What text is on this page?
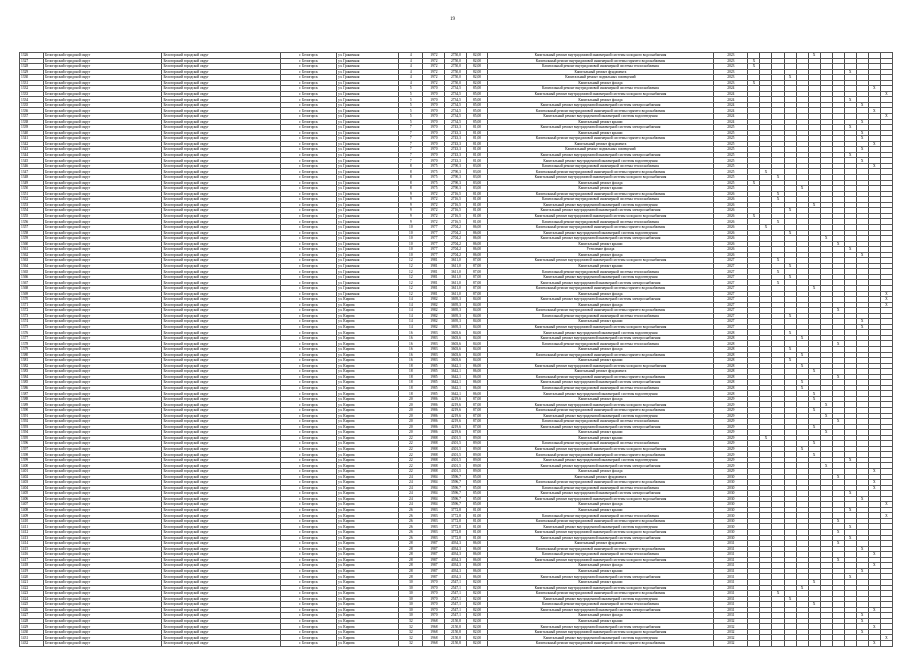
19
1326	Белогорский городской округ	Белогорский городской округ	г. Белогорск	ул. Граничная	4	1972	2750,0	82,00	Капитальный ремонт внутридомовой инженерной системы холодного водоснабжения	2023						X						
1327	Белогорский городской округ	Белогорский городской округ	г. Белогорск	ул. Граничная	4	1972	2750,0	82,00	Капитальный ремонт внутридомовой инженерной системы горячего водоснабжения	2023	X											
1328	Белогорский городской округ	Белогорский городской округ	г. Белогорск	ул. Граничная	4	1972	2750,0	82,00	Капитальный ремонт внутридомовой инженерной системы теплоснабжения	2023	X											
1329	Белогорский городской округ	Белогорский городской округ	г. Белогорск	ул. Граничная	4	1972	2750,0	82,00	Капитальный ремонт фундамента	2023									X			
1330	Белогорский городской округ	Белогорский городской округ	г. Белогорск	ул. Граничная	4	1972	2750,0	82,00	Капитальный ремонт подвальных помещений	2023				X								
1331	Белогорский городской округ	Белогорский городской округ	г. Белогорск	ул. Граничная	4	1972	2750,0	82,00	Капитальный ремонт фасада	2023	X											
1332	Белогорский городской округ	Белогорский городской округ	г. Белогорск	ул. Граничная	5	1970	2734,5	85,00	Капитальный ремонт внутридомовой инженерной системы теплоснабжения	2024											X	
1333	Белогорский городской округ	Белогорский городской округ	г. Белогорск	ул. Граничная	5	1970	2734,5	85,00	Капитальный ремонт внутридомовой инженерной системы холодного водоснабжения	2024												X
1334	Белогорский городской округ	Белогорский городской округ	г. Белогорск	ул. Граничная	5	1970	2734,5	85,00	Капитальный ремонт фасада	2024									X			
1335	Белогорский городской округ	Белогорский городской округ	г. Белогорск	ул. Граничная	5	1970	2734,5	85,00	Капитальный ремонт внутридомовой инженерной системы электроснабжения	2024										X		
1336	Белогорский городской округ	Белогорский городской округ	г. Белогорск	ул. Граничная	5	1970	2734,5	85,00	Капитальный ремонт внутридомовой инженерной системы горячего водоснабжения	2024											X	
1337	Белогорский городской округ	Белогорский городской округ	г. Белогорск	ул. Граничная	5	1970	2734,5	85,00	Капитальный ремонт внутридомовой инженерной системы водоотведения	2024												X
1338	Белогорский городской округ	Белогорский городской округ	г. Белогорск	ул. Граничная	5	1970	2734,5	85,00	Капитальный ремонт крыши	2024										X		
1339	Белогорский городской округ	Белогорский городской округ	г. Белогорск	ул. Граничная	7	1970	2743,3	81,00	Капитальный ремонт внутридомовой инженерной системы электроснабжения	2025									X			
1340	Белогорский городской округ	Белогорский городской округ	г. Белогорск	ул. Граничная	7	1970	2743,3	81,00	Капитальный ремонт крыши	2025										X		
1341	Белогорский городской округ	Белогорский городской округ	г. Белогорск	ул. Граничная	7	1970	2743,3	81,00	Капитальный ремонт внутридомовой инженерной системы горячего водоснабжения	2025										X		
1342	Белогорский городской округ	Белогорский городской округ	г. Белогорск	ул. Граничная	7	1970	2743,3	81,00	Капитальный ремонт фундамента	2025											X	
1343	Белогорский городской округ	Белогорский городской округ	г. Белогорск	ул. Граничная	7	1970	2743,3	81,00	Капитальный ремонт подвальных помещений	2025										X		
1344	Белогорский городской округ	Белогорский городской округ	г. Белогорск	ул. Граничная	7	1970	2743,3	81,00	Капитальный ремонт внутридомовой инженерной системы электроснабжения	2025									X			
1345	Белогорский городской округ	Белогорский городской округ	г. Белогорск	ул. Граничная	7	1970	2743,3	81,00	Капитальный ремонт внутридомовой инженерной системы водоотведения	2025										X		
1346	Белогорский городской округ	Белогорский городской округ	г. Белогорск	ул. Граничная	8	1975	2790,3	83,00	Капитальный ремонт внутридомовой инженерной системы теплоснабжения	2025											X	
1347	Белогорский городской округ	Белогорский городской округ	г. Белогорск	ул. Граничная	8	1975	2790,3	83,00	Капитальный ремонт внутридомовой инженерной системы горячего водоснабжения	2025		X										
1348	Белогорский городской округ	Белогорский городской округ	г. Белогорск	ул. Граничная	8	1975	2790,3	83,00	Капитальный ремонт внутридомовой инженерной системы холодного водоснабжения	2025			X									
1349	Белогорский городской округ	Белогорский городской округ	г. Белогорск	ул. Граничная	8	1975	2790,3	83,00	Капитальный ремонт фасада	2025	X											
1350	Белогорский городской округ	Белогорский городской округ	г. Белогорск	ул. Граничная	8	1975	2790,3	83,00	Капитальный ремонт крыши	2025					X							
1351	Белогорский городской округ	Белогорский городской округ	г. Белогорск	ул. Граничная	9	1972	2716,5	81,00	Капитальный ремонт внутридомовой инженерной системы горячего водоснабжения	2026			X									
1352	Белогорский городской округ	Белогорский городской округ	г. Белогорск	ул. Граничная	9	1972	2716,5	81,00	Капитальный ремонт внутридомовой инженерной системы теплоснабжения	2026			X									
1353	Белогорский городской округ	Белогорский городской округ	г. Белогорск	ул. Граничная	9	1972	2716,5	81,00	Капитальный ремонт внутридомовой инженерной системы водоотведения	2026						X						
1354	Белогорский городской округ	Белогорский городской округ	г. Белогорск	ул. Граничная	9	1972	2716,5	81,00	Капитальный ремонт внутридомовой инженерной системы электроснабжения	2026				X								
1355	Белогорский городской округ	Белогорский городской округ	г. Белогорск	ул. Граничная	9	1972	2716,5	81,00	Капитальный ремонт внутридомовой инженерной системы холодного водоснабжения	2026	X											
1356	Белогорский городской округ	Белогорский городской округ	г. Белогорск	ул. Граничная	9	1972	2716,5	81,00	Капитальный ремонт внутридомовой инженерной системы теплоснабжения	2026			X									
1357	Белогорский городской округ	Белогорский городской округ	г. Белогорск	ул. Граничная	10	1977	2704,2	86,00	Капитальный ремонт внутридомовой инженерной системы горячего водоснабжения	2026		X										
1358	Белогорский городской округ	Белогорский городской округ	г. Белогорск	ул. Граничная	10	1977	2704,2	86,00	Капитальный ремонт внутридомовой инженерной системы водоотведения	2026				X								
1359	Белогорский городской округ	Белогорский городской округ	г. Белогорск	ул. Граничная	10	1977	2704,2	86,00	Капитальный ремонт внутридомовой инженерной системы электроснабжения	2026							X					
1360	Белогорский городской округ	Белогорский городской округ	г. Белогорск	ул. Граничная	10	1977	2704,2	86,00	Капитальный ремонт крыши	2026								X				
1361	Белогорский городской округ	Белогорский городской округ	г. Белогорск	ул. Граничная	10	1977	2704,2	86,00	Утепление фасада	2026									X			
1362	Белогорский городской округ	Белогорский городской округ	г. Белогорск	ул. Граничная	10	1977	2704,2	86,00	Капитальный ремонт фасада	2026										X		
1363	Белогорский городской округ	Белогорский городской округ	г. Белогорск	ул. Граничная	12	1981	3611,0	87,00	Капитальный ремонт внутридомовой инженерной системы холодного водоснабжения	2027			X									
1364	Белогорский городской округ	Белогорский городской округ	г. Белогорск	ул. Граничная	12	1981	3611,0	87,00	Капитальный ремонт крыши	2027				X								
1365	Белогорский городской округ	Белогорский городской округ	г. Белогорск	ул. Граничная	12	1981	3611,0	87,00	Капитальный ремонт внутридомовой инженерной системы теплоснабжения	2027			X									
1366	Белогорский городской округ	Белогорский городской округ	г. Белогорск	ул. Граничная	12	1981	3611,0	87,00	Капитальный ремонт внутридомовой инженерной системы водоотведения	2027				X								
1367	Белогорский городской округ	Белогорский городской округ	г. Белогорск	ул. Граничная	12	1981	3611,0	87,00	Капитальный ремонт внутридомовой инженерной системы электроснабжения	2027			X									
1368	Белогорский городской округ	Белогорский городской округ	г. Белогорск	ул. Граничная	12	1981	3611,0	87,00	Капитальный ремонт внутридомовой инженерной системы горячего водоснабжения	2027						X						
1369	Белогорский городской округ	Белогорский городской округ	г. Белогорск	ул. Граничная	12	1981	3611,0	87,00	Капитальный ремонт фасада	2027												X
1370	Белогорский городской округ	Белогорский городской округ	г. Белогорск	ул. Кирова	14	1982	3695,3	84,00	Капитальный ремонт внутридомовой инженерной системы электроснабжения	2027												X
1371	Белогорский городской округ	Белогорский городской округ	г. Белогорск	ул. Кирова	14	1982	3695,3	84,00	Капитальный ремонт фасада	2027												X
1372	Белогорский городской округ	Белогорский городской округ	г. Белогорск	ул. Кирова	14	1982	3695,3	84,00	Капитальный ремонт внутридомовой инженерной системы горячего водоснабжения	2027								X				
1373	Белогорский городской округ	Белогорский городской округ	г. Белогорск	ул. Кирова	14	1982	3695,3	84,00	Капитальный ремонт внутридомовой инженерной системы теплоснабжения	2027				X								
1374	Белогорский городской округ	Белогорский городской округ	г. Белогорск	ул. Кирова	14	1982	3695,3	84,00	Капитальный ремонт крыши	2027										X		
1375	Белогорский городской округ	Белогорский городской округ	г. Белогорск	ул. Кирова	14	1982	3695,3	84,00	Капитальный ремонт внутридомовой инженерной системы холодного водоснабжения	2027										X		
1376	Белогорский городской округ	Белогорский городской округ	г. Белогорск	ул. Кирова	16	1983	3603,6	84,00	Капитальный ремонт внутридомовой инженерной системы водоотведения	2028				X								
1377	Белогорский городской округ	Белогорский городской округ	г. Белогорск	ул. Кирова	16	1983	3603,6	84,00	Капитальный ремонт внутридомовой инженерной системы электроснабжения	2028					X							
1378	Белогорский городской округ	Белогорский городской округ	г. Белогорск	ул. Кирова	16	1983	3603,6	84,00	Капитальный ремонт внутридомовой инженерной системы теплоснабжения	2028								X				
1379	Белогорский городской округ	Белогорский городской округ	г. Белогорск	ул. Кирова	16	1983	3603,6	84,00	Капитальный ремонт фасада	2028				X								
1380	Белогорский городской округ	Белогорский городской округ	г. Белогорск	ул. Кирова	16	1983	3603,6	84,00	Капитальный ремонт внутридомовой инженерной системы горячего водоснабжения	2028					X							
1381	Белогорский городской округ	Белогорский городской округ	г. Белогорск	ул. Кирова	16	1983	3603,6	84,00	Капитальный ремонт крыши	2028				X								
1382	Белогорский городской округ	Белогорский городской округ	г. Белогорск	ул. Кирова	18	1985	3642,1	86,00	Капитальный ремонт внутридомовой инженерной системы холодного водоснабжения	2028					X							
1383	Белогорский городской округ	Белогорский городской округ	г. Белогорск	ул. Кирова	18	1985	3642,1	86,00	Капитальный ремонт фундамента	2028						X						
1384	Белогорский городской округ	Белогорский городской округ	г. Белогорск	ул. Кирова	18	1985	3642,1	86,00	Капитальный ремонт внутридомовой инженерной системы горячего водоснабжения	2028								X				
1385	Белогорский городской округ	Белогорский городской округ	г. Белогорск	ул. Кирова	18	1985	3642,1	86,00	Капитальный ремонт внутридомовой инженерной системы электроснабжения	2028					X							
1386	Белогорский городской округ	Белогорский городской округ	г. Белогорск	ул. Кирова	18	1985	3642,1	86,00	Капитальный ремонт внутридомовой инженерной системы теплоснабжения	2028					X							
1387	Белогорский городской округ	Белогорский городской округ	г. Белогорск	ул. Кирова	18	1985	3642,1	86,00	Капитальный ремонт внутридомовой инженерной системы водоотведения	2028						X						
1388	Белогорский городской округ	Белогорский городской округ	г. Белогорск	ул. Кирова	20	1986	4219,6	87,00	Капитальный ремонт фасада	2029						X						
1389	Белогорский городской округ	Белогорский городской округ	г. Белогорск	ул. Кирова	20	1986	4219,6	87,00	Капитальный ремонт внутридомовой инженерной системы холодного водоснабжения	2029							X					
1390	Белогорский городской округ	Белогорский городской округ	г. Белогорск	ул. Кирова	20	1986	4219,6	87,00	Капитальный ремонт внутридомовой инженерной системы горячего водоснабжения	2029						X						
1391	Белогорский городской округ	Белогорский городской округ	г. Белогорск	ул. Кирова	20	1986	4219,6	87,00	Капитальный ремонт внутридомовой инженерной системы водоотведения	2029							X					
1392	Белогорский городской округ	Белогорский городской округ	г. Белогорск	ул. Кирова	20	1986	4219,6	87,00	Капитальный ремонт внутридомовой инженерной системы теплоснабжения	2029								X				
1393	Белогорский городской округ	Белогорский городской округ	г. Белогорск	ул. Кирова	20	1986	4219,6	87,00	Капитальный ремонт внутридомовой инженерной системы электроснабжения	2029						X						
1394	Белогорский городской округ	Белогорский городской округ	г. Белогорск	ул. Кирова	20	1986	4219,6	87,00	Капитальный ремонт крыши	2029							X					
1395	Белогорский городской округ	Белогорский городской округ	г. Белогорск	ул. Кирова	22	1988	4301,5	89,00	Капитальный ремонт крыши	2029		X										
1396	Белогорский городской округ	Белогорский городской округ	г. Белогорск	ул. Кирова	22	1988	4301,5	89,00	Капитальный ремонт внутридомовой инженерной системы теплоснабжения	2029						X						
1397	Белогорский городской округ	Белогорский городской округ	г. Белогорск	ул. Кирова	22	1988	4301,5	89,00	Капитальный ремонт внутридомовой инженерной системы холодного водоснабжения	2029					X							
1398	Белогорский городской округ	Белогорский городской округ	г. Белогорск	ул. Кирова	22	1988	4301,5	89,00	Капитальный ремонт внутридомовой инженерной системы горячего водоснабжения	2029						X						
1399	Белогорский городской округ	Белогорский городской округ	г. Белогорск	ул. Кирова	22	1988	4301,5	89,00	Капитальный ремонт внутридомовой инженерной системы водоотведения	2029									X			
1400	Белогорский городской округ	Белогорский городской округ	г. Белогорск	ул. Кирова	22	1988	4301,5	89,00	Капитальный ремонт внутридомовой инженерной системы электроснабжения	2029							X					
1401	Белогорский городской округ	Белогорский городской округ	г. Белогорск	ул. Кирова	22	1988	4301,5	89,00	Капитальный ремонт фасада	2029											X	
1402	Белогорский городской округ	Белогорский городской округ	г. Белогорск	ул. Кирова	24	1984	3596,7	85,00	Капитальный ремонт фундамента	2030								X				
1403	Белогорский городской округ	Белогорский городской округ	г. Белогорск	ул. Кирова	24	1984	3596,7	85,00	Капитальный ремонт внутридомовой инженерной системы горячего водоснабжения	2030											X	
1404	Белогорский городской округ	Белогорский городской округ	г. Белогорск	ул. Кирова	24	1984	3596,7	85,00	Капитальный ремонт внутридомовой инженерной системы теплоснабжения	2030											X	
1405	Белогорский городской округ	Белогорский городской округ	г. Белогорск	ул. Кирова	24	1984	3596,7	85,00	Капитальный ремонт внутридомовой инженерной системы электроснабжения	2030									X			
1406	Белогорский городской округ	Белогорский городской округ	г. Белогорск	ул. Кирова	24	1984	3596,7	85,00	Капитальный ремонт внутридомовой инженерной системы холодного водоснабжения	2030										X		
1407	Белогорский городской округ	Белогорский городской округ	г. Белогорск	ул. Кирова	24	1984	3596,7	85,00	Капитальный ремонт фасада	2030												X
1408	Белогорский городской округ	Белогорский городской округ	г. Белогорск	ул. Кирова	26	1983	3772,8	81,00	Капитальный ремонт крыши	2030									X			
1409	Белогорский городской округ	Белогорский городской округ	г. Белогорск	ул. Кирова	26	1983	3772,8	81,00	Капитальный ремонт внутридомовой инженерной системы теплоснабжения	2030												X
1410	Белогорский городской округ	Белогорский городской округ	г. Белогорск	ул. Кирова	26	1983	3772,8	81,00	Капитальный ремонт внутридомовой инженерной системы горячего водоснабжения	2030								X				
1411	Белогорский городской округ	Белогорский городской округ	г. Белогорск	ул. Кирова	26	1983	3772,8	81,00	Капитальный ремонт внутридомовой инженерной системы водоотведения	2030									X			
1412	Белогорский городской округ	Белогорский городской округ	г. Белогорск	ул. Кирова	26	1983	3772,8	81,00	Капитальный ремонт внутридомовой инженерной системы холодного водоснабжения	2030								X				
1413	Белогорский городской округ	Белогорский городской округ	г. Белогорск	ул. Кирова	26	1983	3772,8	81,00	Капитальный ремонт внутридомовой инженерной системы электроснабжения	2030									X			
1414	Белогорский городской округ	Белогорский городской округ	г. Белогорск	ул. Кирова	28	1987	4034,3	86,00	Капитальный ремонт фундамента	2031								X				
1415	Белогорский городской округ	Белогорский городской округ	г. Белогорск	ул. Кирова	28	1987	4034,3	86,00	Капитальный ремонт внутридомовой инженерной системы горячего водоснабжения	2031										X		
1416	Белогорский городской округ	Белогорский городской округ	г. Белогорск	ул. Кирова	28	1987	4034,3	86,00	Капитальный ремонт внутридомовой инженерной системы теплоснабжения	2031											X	
1417	Белогорский городской округ	Белогорский городской округ	г. Белогорск	ул. Кирова	28	1987	4034,3	86,00	Капитальный ремонт внутридомовой инженерной системы холодного водоснабжения	2031								X				
1418	Белогорский городской округ	Белогорский городской округ	г. Белогорск	ул. Кирова	28	1987	4034,3	86,00	Капитальный ремонт фасада	2031											X	
1419	Белогорский городской округ	Белогорский городской округ	г. Белогорск	ул. Кирова	28	1987	4034,3	86,00	Капитальный ремонт крыши	2031										X		
1420	Белогорский городской округ	Белогорский городской округ	г. Белогорск	ул. Кирова	28	1987	4034,3	86,00	Капитальный ремонт внутридомовой инженерной системы электроснабжения	2031									X			
1421	Белогорский городской округ	Белогорский городской округ	г. Белогорск	ул. Кирова	30	1970	2547,1	82,00	Капитальный ремонт крыши	2031						X						
1422	Белогорский городской округ	Белогорский городской округ	г. Белогорск	ул. Кирова	30	1970	2547,1	82,00	Капитальный ремонт внутридомовой инженерной системы холодного водоснабжения	2031					X							
1423	Белогорский городской округ	Белогорский городской округ	г. Белогорск	ул. Кирова	30	1970	2547,1	82,00	Капитальный ремонт внутридомовой инженерной системы горячего водоснабжения	2031			X									
1424	Белогорский городской округ	Белогорский городской округ	г. Белогорск	ул. Кирова	30	1970	2547,1	82,00	Капитальный ремонт внутридомовой инженерной системы водоотведения	2031				X								
1425	Белогорский городской округ	Белогорский городской округ	г. Белогорск	ул. Кирова	30	1970	2547,1	82,00	Капитальный ремонт внутридомовой инженерной системы теплоснабжения	2031						X						
1426	Белогорский городской округ	Белогорский городской округ	г. Белогорск	ул. Кирова	30	1970	2547,1	82,00	Капитальный ремонт внутридомовой инженерной системы электроснабжения	2031											X	
1427	Белогорский городской округ	Белогорский городской округ	г. Белогорск	ул. Кирова	30	1970	2547,1	82,00	Капитальный ремонт фасада	2031										X		
1428	Белогорский городской округ	Белогорский городской округ	г. Белогорск	ул. Кирова	32	1968	2150,8	82,00	Капитальный ремонт крыши	2032										X		
1429	Белогорский городской округ	Белогорский городской округ	г. Белогорск	ул. Кирова	32	1968	2150,8	82,00	Капитальный ремонт внутридомовой инженерной системы электроснабжения	2032											X	
1430	Белогорский городской округ	Белогорский городской округ	г. Белогорск	ул. Кирова	32	1968	2150,8	82,00	Капитальный ремонт внутридомовой инженерной системы холодного водоснабжения	2032										X		
1431	Белогорский городской округ	Белогорский городской округ	г. Белогорск	ул. Кирова	32	1968	2150,8	82,00	Капитальный ремонт внутридомовой инженерной системы водоотведения	2032												X
1432	Белогорский городской округ	Белогорский городской округ	г. Белогорск	ул. Кирова	32	1968	2150,8	82,00	Капитальный ремонт внутридомовой инженерной системы горячего водоснабжения	2032											X	
